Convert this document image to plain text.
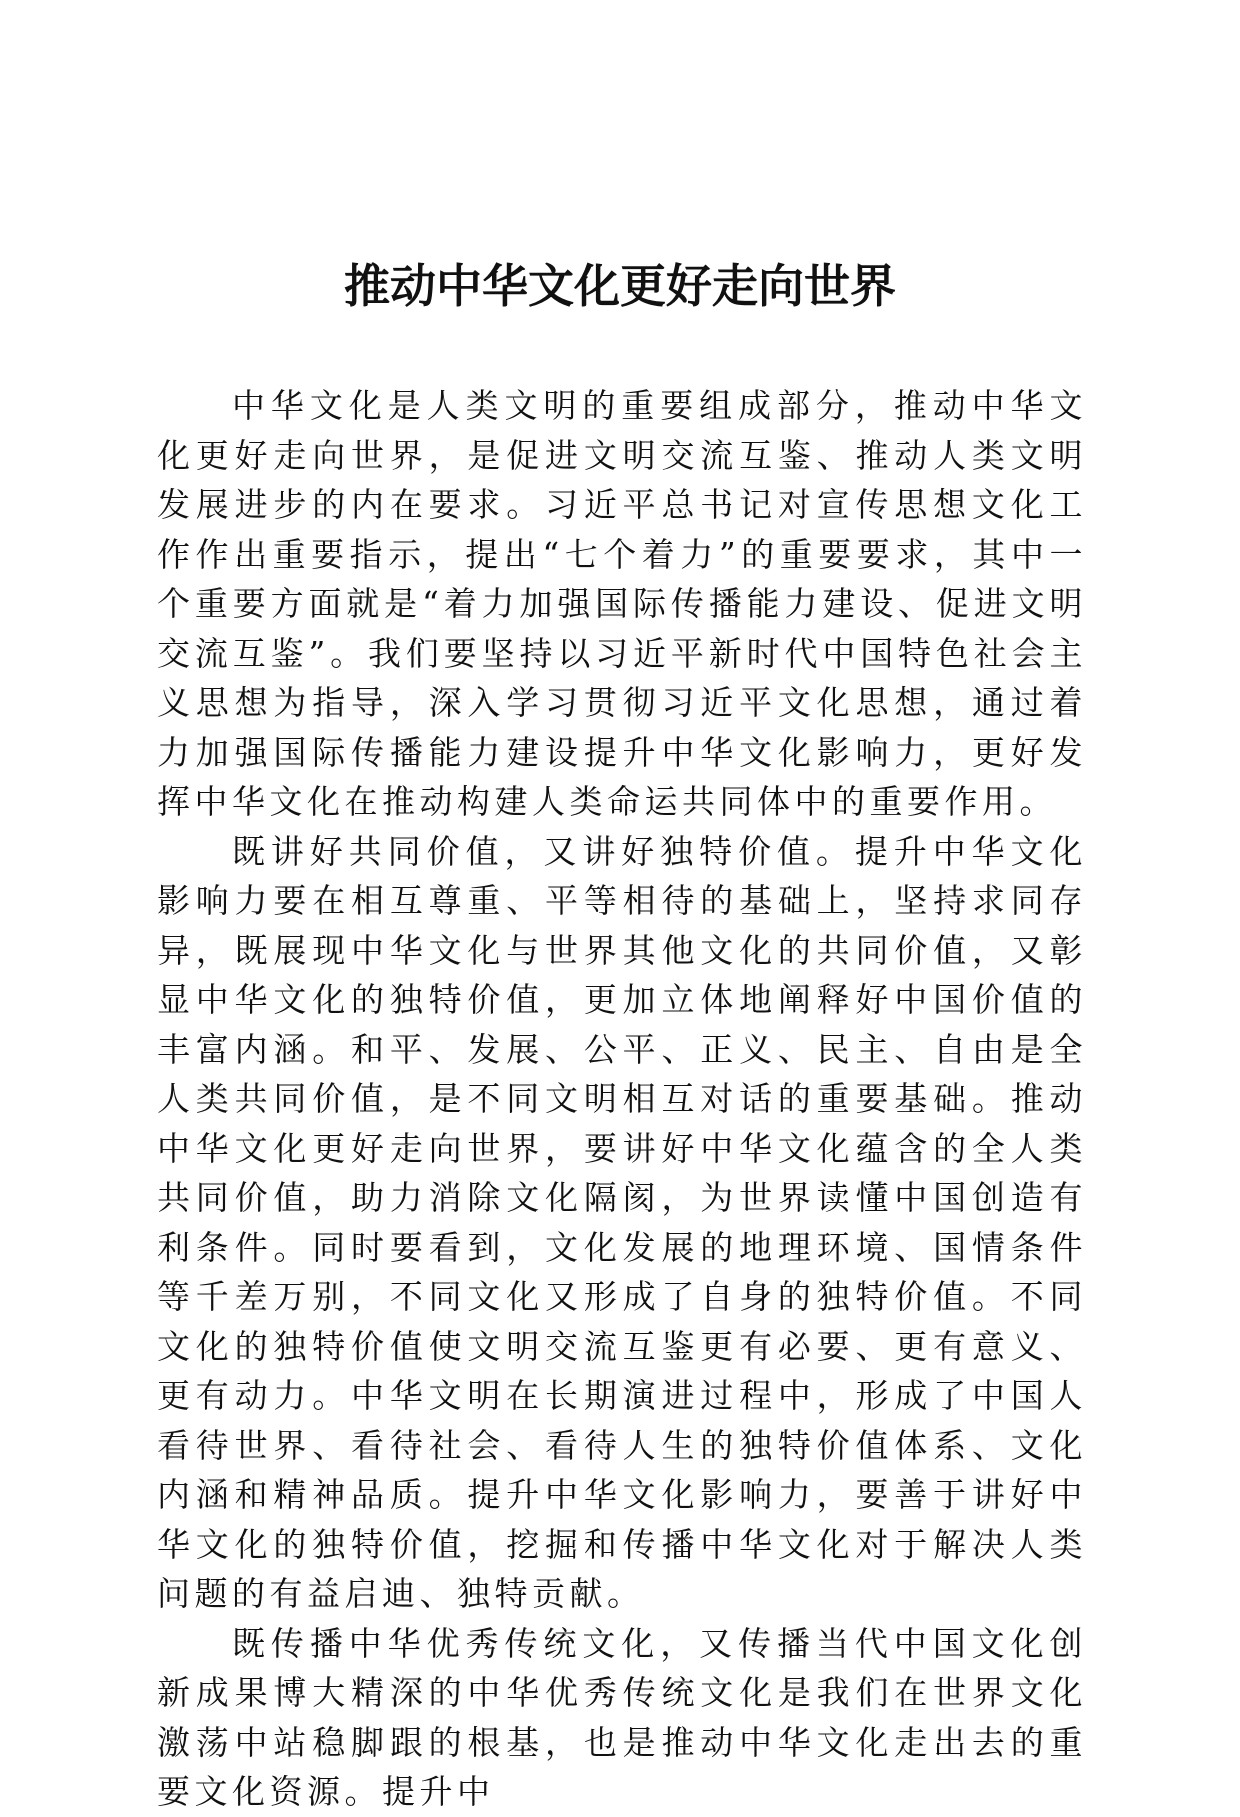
推动中华文化更好走向世界

中华文化是人类文明的重要组成部分，推动中华文化更好走向世界，是促进文明交流互鉴、推动人类文明发展进步的内在要求。习近平总书记对宣传思想文化工作作出重要指示，提出“七个着力”的重要要求，其中一个重要方面就是“着力加强国际传播能力建设、促进文明交流互鉴”。我们要坚持以习近平新时代中国特色社会主义思想为指导，深入学习贯彻习近平文化思想，通过着力加强国际传播能力建设提升中华文化影响力，更好发挥中华文化在推动构建人类命运共同体中的重要作用。

既讲好共同价值，又讲好独特价值。提升中华文化影响力要在相互尊重、平等相待的基础上，坚持求同存异，既展现中华文化与世界其他文化的共同价值，又彰显中华文化的独特价值，更加立体地阐释好中国价值的丰富内涵。和平、发展、公平、正义、民主、自由是全人类共同价值，是不同文明相互对话的重要基础。推动中华文化更好走向世界，要讲好中华文化蕴含的全人类共同价值，助力消除文化隔阂，为世界读懂中国创造有利条件。同时要看到，文化发展的地理环境、国情条件等千差万别，不同文化又形成了自身的独特价值。不同文化的独特价值使文明交流互鉴更有必要、更有意义、更有动力。中华文明在长期演进过程中，形成了中国人看待世界、看待社会、看待人生的独特价值体系、文化内涵和精神品质。提升中华文化影响力，要善于讲好中华文化的独特价值，挖掘和传播中华文化对于解决人类问题的有益启迪、独特贡献。

既传播中华优秀传统文化，又传播当代中国文化创新成果博大精深的中华优秀传统文化是我们在世界文化激荡中站稳脚跟的根基，也是推动中华文化走出去的重要文化资源。提升中
